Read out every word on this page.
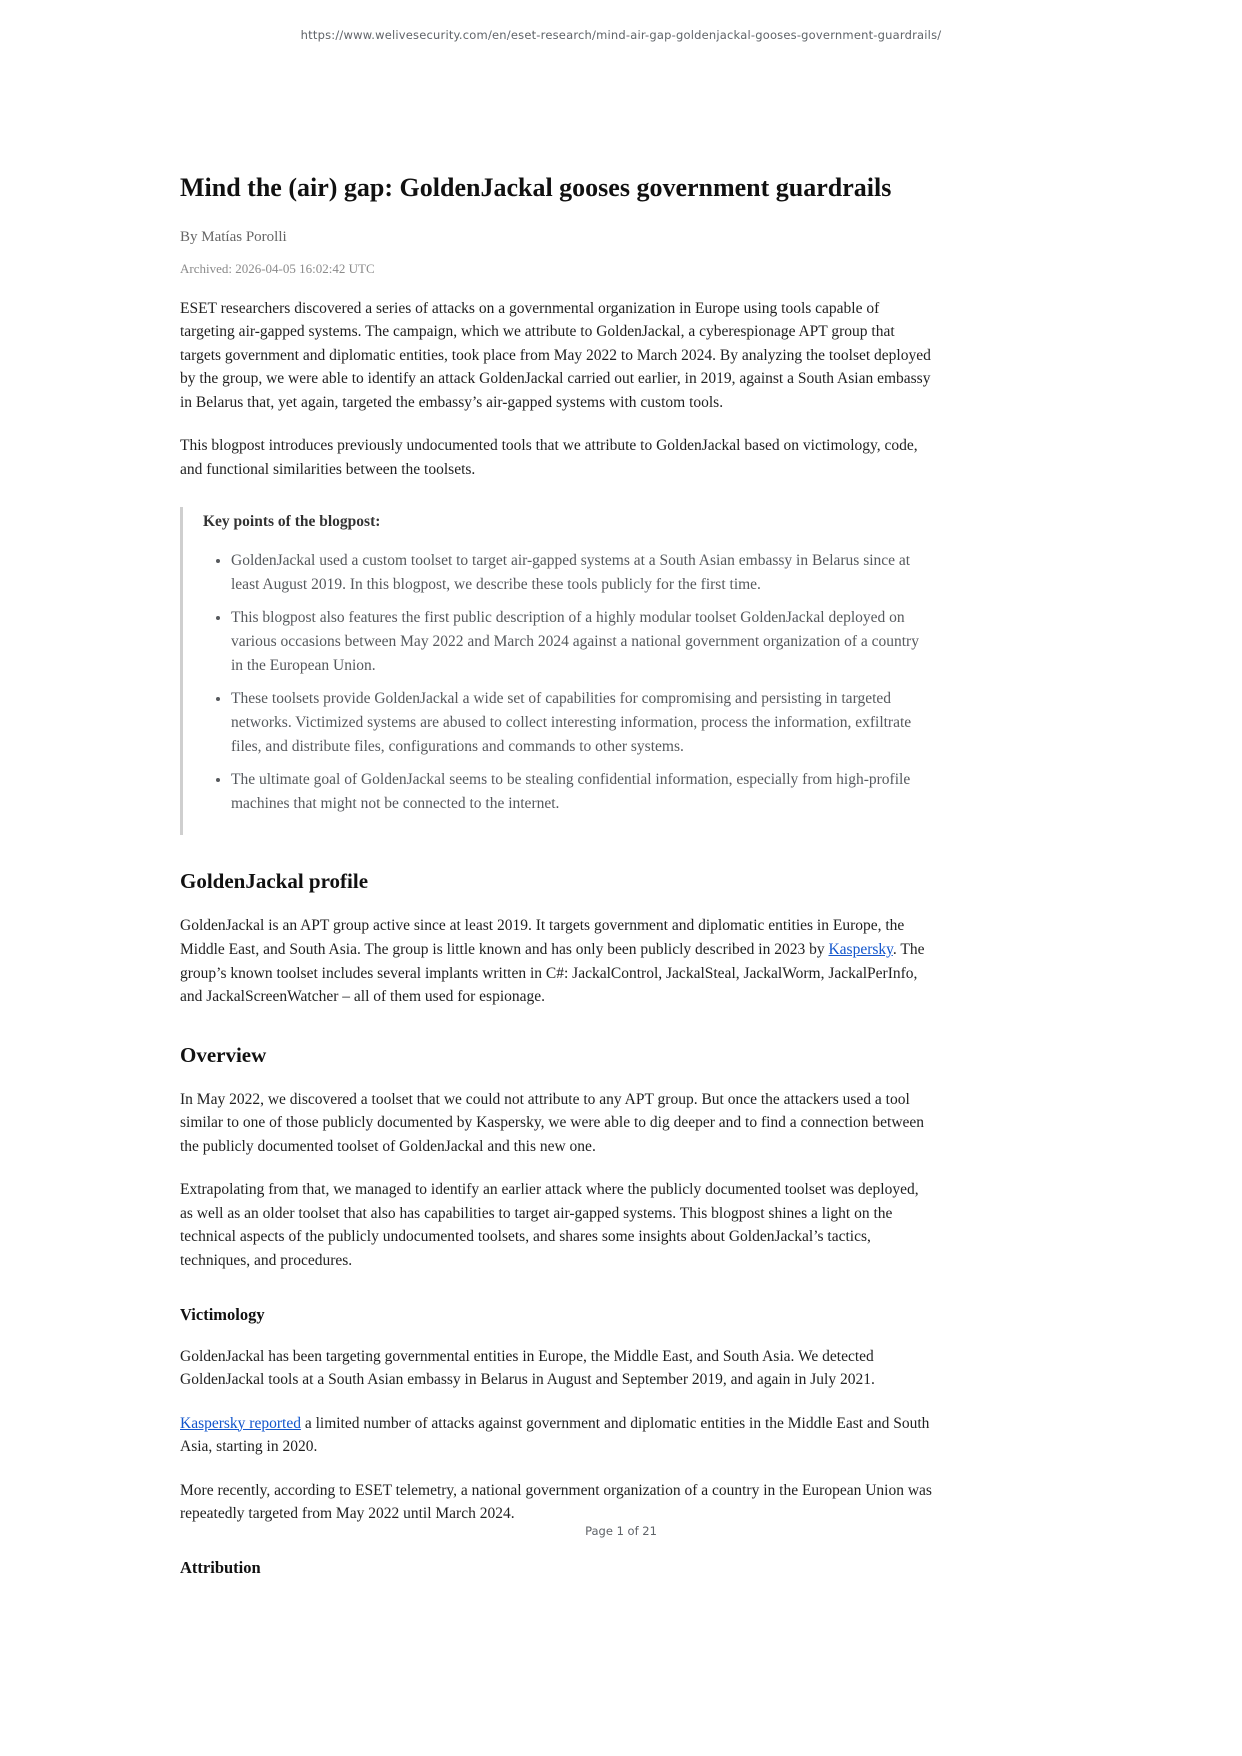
https://www.welivesecurity.com/en/eset-research/mind-air-gap-goldenjackal-gooses-government-guardrails/
Mind the (air) gap: GoldenJackal gooses government guardrails
By Matías Porolli
Archived: 2026-04-05 16:02:42 UTC

ESET researchers discovered a series of attacks on a governmental organization in Europe using tools capable of targeting air-gapped systems. The campaign, which we attribute to GoldenJackal, a cyberespionage APT group that targets government and diplomatic entities, took place from May 2022 to March 2024. By analyzing the toolset deployed by the group, we were able to identify an attack GoldenJackal carried out earlier, in 2019, against a South Asian embassy in Belarus that, yet again, targeted the embassy’s air-gapped systems with custom tools.

This blogpost introduces previously undocumented tools that we attribute to GoldenJackal based on victimology, code, and functional similarities between the toolsets.

Key points of the blogpost:
• GoldenJackal used a custom toolset to target air-gapped systems at a South Asian embassy in Belarus since at least August 2019. In this blogpost, we describe these tools publicly for the first time.
• This blogpost also features the first public description of a highly modular toolset GoldenJackal deployed on various occasions between May 2022 and March 2024 against a national government organization of a country in the European Union.
• These toolsets provide GoldenJackal a wide set of capabilities for compromising and persisting in targeted networks. Victimized systems are abused to collect interesting information, process the information, exfiltrate files, and distribute files, configurations and commands to other systems.
• The ultimate goal of GoldenJackal seems to be stealing confidential information, especially from high-profile machines that might not be connected to the internet.
GoldenJackal profile

GoldenJackal is an APT group active since at least 2019. It targets government and diplomatic entities in Europe, the Middle East, and South Asia. The group is little known and has only been publicly described in 2023 by Kaspersky. The group’s known toolset includes several implants written in C#: JackalControl, JackalSteal, JackalWorm, JackalPerInfo, and JackalScreenWatcher – all of them used for espionage.

Overview

In May 2022, we discovered a toolset that we could not attribute to any APT group. But once the attackers used a tool similar to one of those publicly documented by Kaspersky, we were able to dig deeper and to find a connection between the publicly documented toolset of GoldenJackal and this new one.

Extrapolating from that, we managed to identify an earlier attack where the publicly documented toolset was deployed, as well as an older toolset that also has capabilities to target air-gapped systems. This blogpost shines a light on the technical aspects of the publicly undocumented toolsets, and shares some insights about GoldenJackal’s tactics, techniques, and procedures.

Victimology

GoldenJackal has been targeting governmental entities in Europe, the Middle East, and South Asia. We detected GoldenJackal tools at a South Asian embassy in Belarus in August and September 2019, and again in July 2021.

Kaspersky reported a limited number of attacks against government and diplomatic entities in the Middle East and South Asia, starting in 2020.

More recently, according to ESET telemetry, a national government organization of a country in the European Union was repeatedly targeted from May 2022 until March 2024.

Attribution
Page 1 of 21
